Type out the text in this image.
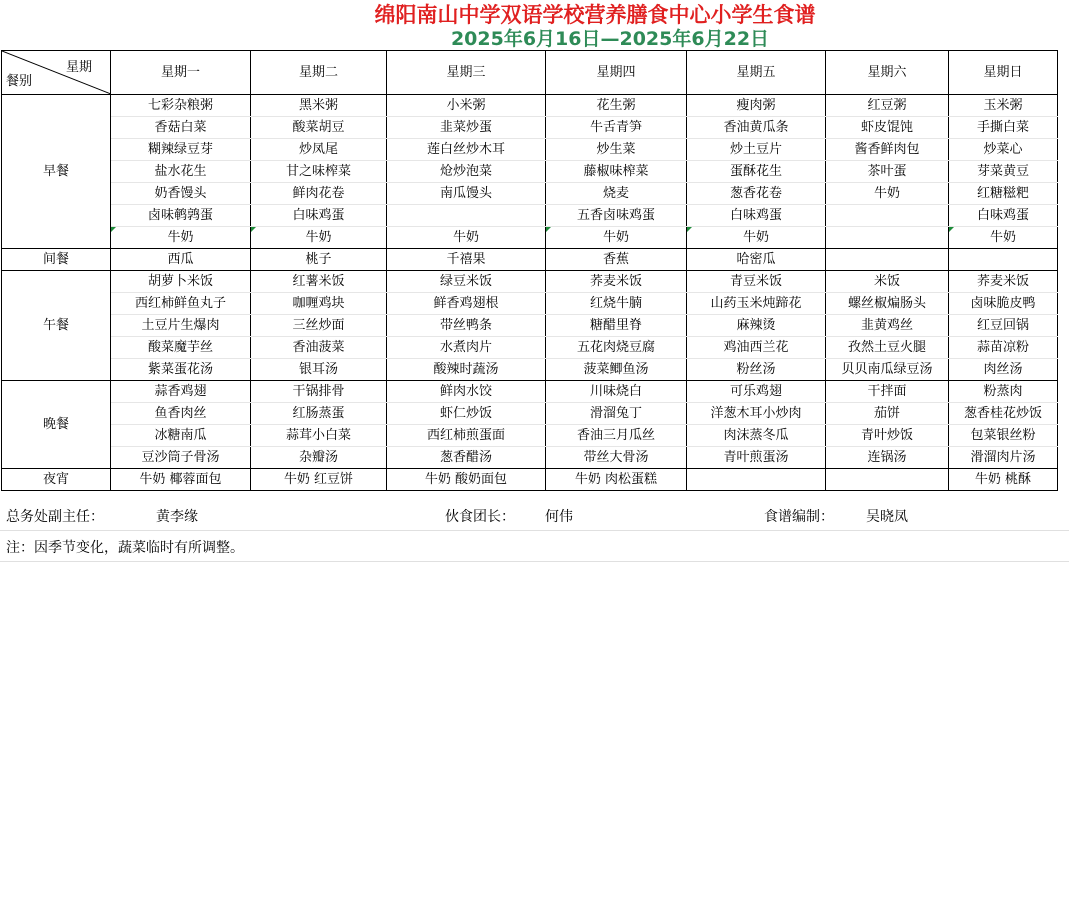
绵阳南山中学双语学校营养膳食中心小学生食谱
2025年6月16日—2025年6月22日
星期
餐别	星期一	星期二	星期三	星期四	星期五	星期六	星期日
早餐	七彩杂粮粥	黑米粥	小米粥	花生粥	瘦肉粥	红豆粥	玉米粥
	香菇白菜	酸菜胡豆	韭菜炒蛋	牛舌青笋	香油黄瓜条	虾皮馄饨	手撕白菜
	糊辣绿豆芽	炒凤尾	莲白丝炒木耳	炒生菜	炒土豆片	酱香鲜肉包	炒菜心
	盐水花生	甘之味榨菜	炝炒泡菜	藤椒味榨菜	蛋酥花生	茶叶蛋	芽菜黄豆
	奶香馒头	鲜肉花卷	南瓜馒头	烧麦	葱香花卷	牛奶	红糖糍粑
	卤味鹌鹑蛋	白味鸡蛋		五香卤味鸡蛋	白味鸡蛋		白味鸡蛋
	牛奶	牛奶	牛奶	牛奶	牛奶		牛奶

间餐	西瓜	桃子	千禧果	香蕉	哈密瓜		
午餐	胡萝卜米饭	红薯米饭	绿豆米饭	荞麦米饭	青豆米饭	米饭	荞麦米饭
	西红柿鲜鱼丸子	咖喱鸡块	鲜香鸡翅根	红烧牛腩	山药玉米炖蹄花	螺丝椒煸肠头	卤味脆皮鸭
	土豆片生爆肉	三丝炒面	带丝鸭条	糖醋里脊	麻辣烫	韭黄鸡丝	红豆回锅
	酸菜魔芋丝	香油菠菜	水煮肉片	五花肉烧豆腐	鸡油西兰花	孜然土豆火腿	蒜苗凉粉
	紫菜蛋花汤	银耳汤	酸辣时蔬汤	菠菜鲫鱼汤	粉丝汤	贝贝南瓜绿豆汤	肉丝汤
晚餐	蒜香鸡翅	干锅排骨	鲜肉水饺	川味烧白	可乐鸡翅	干拌面	粉蒸肉
	鱼香肉丝	红肠蒸蛋	虾仁炒饭	滑溜兔丁	洋葱木耳小炒肉	茄饼	葱香桂花炒饭
	冰糖南瓜	蒜茸小白菜	西红柿煎蛋面	香油三月瓜丝	肉沫蒸冬瓜	青叶炒饭	包菜银丝粉
	豆沙筒子骨汤	杂瓣汤	葱香醋汤	带丝大骨汤	青叶煎蛋汤	连锅汤	滑溜肉片汤
夜宵	牛奶 椰蓉面包	牛奶 红豆饼	牛奶 酸奶面包	牛奶 肉松蛋糕			牛奶 桃酥
总务处副主任：	黄李缘	伙食团长： 何伟	食谱编制： 吴晓凤
注：因季节变化，蔬菜临时有所调整。
